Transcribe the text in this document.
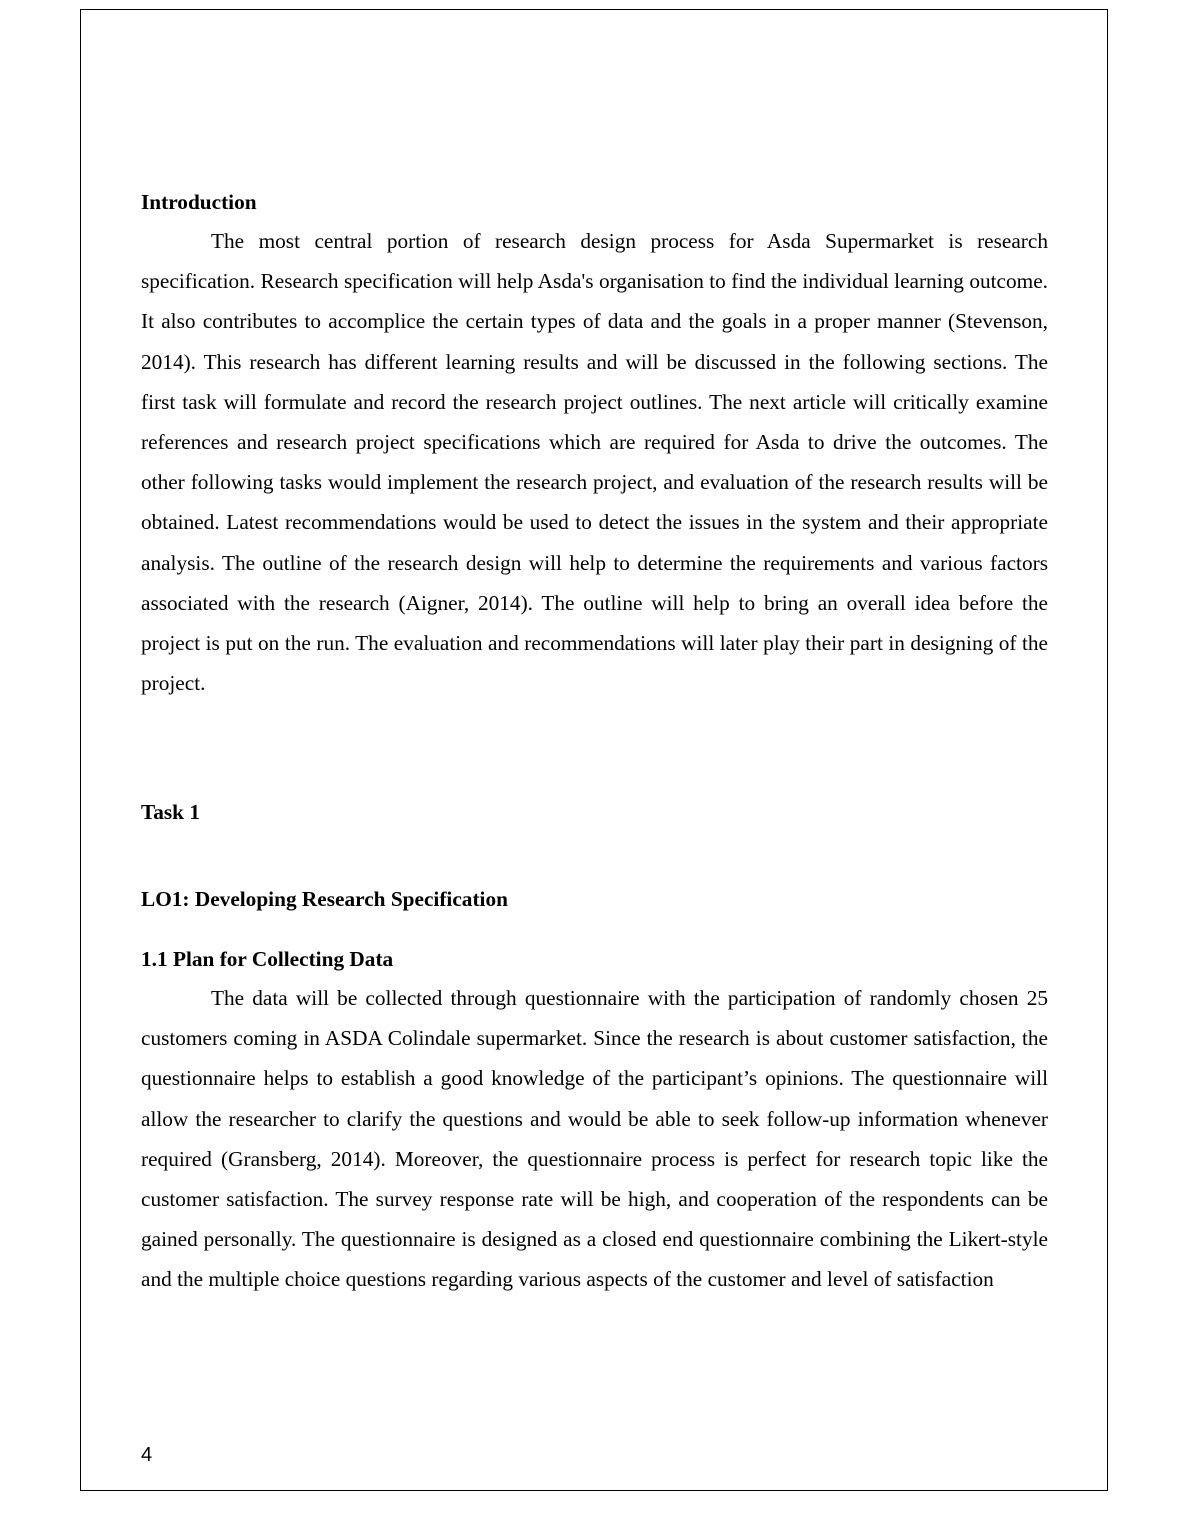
Introduction

The most central portion of research design process for Asda Supermarket is research specification. Research specification will help Asda's organisation to find the individual learning outcome. It also contributes to accomplice the certain types of data and the goals in a proper manner (Stevenson, 2014). This research has different learning results and will be discussed in the following sections. The first task will formulate and record the research project outlines. The next article will critically examine references and research project specifications which are required for Asda to drive the outcomes. The other following tasks would implement the research project, and evaluation of the research results will be obtained. Latest recommendations would be used to detect the issues in the system and their appropriate analysis. The outline of the research design will help to determine the requirements and various factors associated with the research (Aigner, 2014). The outline will help to bring an overall idea before the project is put on the run. The evaluation and recommendations will later play their part in designing of the project.

Task 1
LO1: Developing Research Specification
1.1 Plan for Collecting Data

The data will be collected through questionnaire with the participation of randomly chosen 25 customers coming in ASDA Colindale supermarket. Since the research is about customer satisfaction, the questionnaire helps to establish a good knowledge of the participant’s opinions. The questionnaire will allow the researcher to clarify the questions and would be able to seek follow-up information whenever required (Gransberg, 2014). Moreover, the questionnaire process is perfect for research topic like the customer satisfaction. The survey response rate will be high, and cooperation of the respondents can be gained personally. The questionnaire is designed as a closed end questionnaire combining the Likert-style and the multiple choice questions regarding various aspects of the customer and level of satisfaction

4
